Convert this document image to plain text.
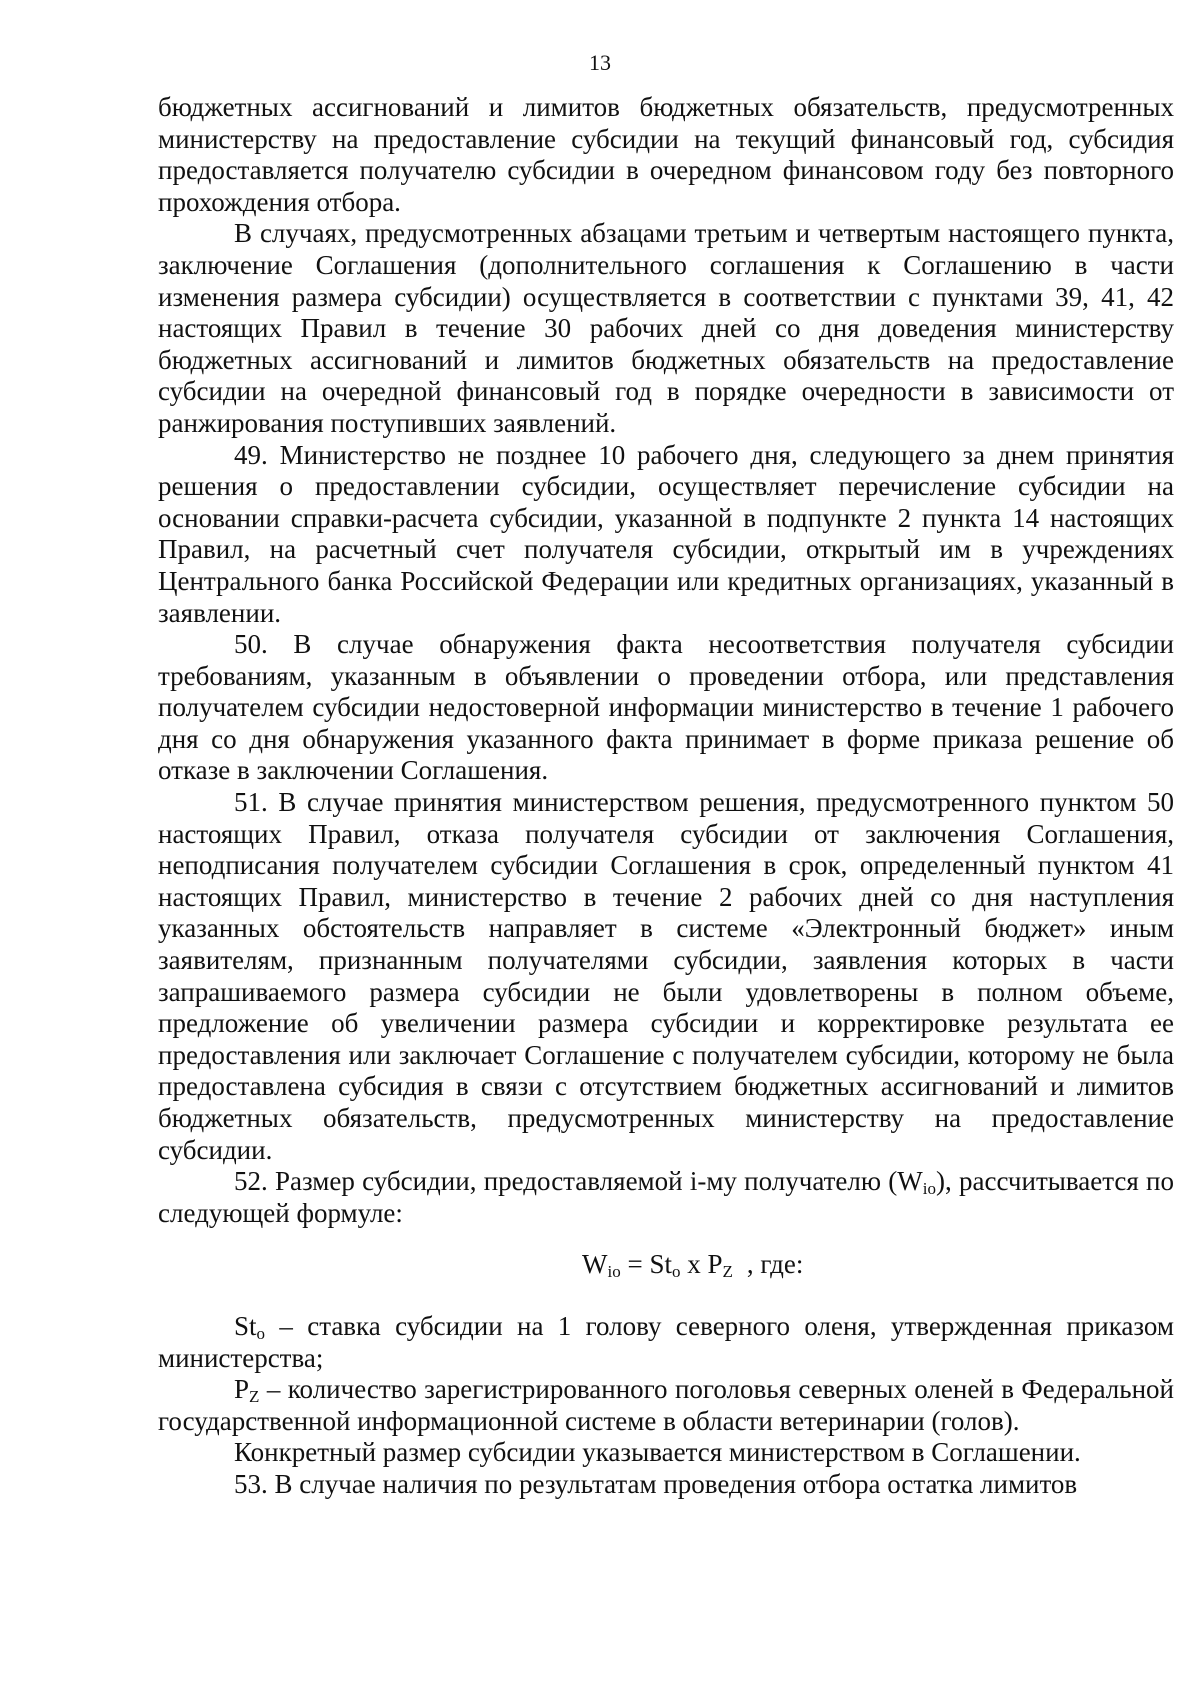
13

бюджетных ассигнований и лимитов бюджетных обязательств, предусмотренных министерству на предоставление субсидии на текущий финансовый год, субсидия предоставляется получателю субсидии в очередном финансовом году без повторного прохождения отбора.

В случаях, предусмотренных абзацами третьим и четвертым настоящего пункта, заключение Соглашения (дополнительного соглашения к Соглашению в части изменения размера субсидии) осуществляется в соответствии с пунктами 39, 41, 42 настоящих Правил в течение 30 рабочих дней со дня доведения министерству бюджетных ассигнований и лимитов бюджетных обязательств на предоставление субсидии на очередной финансовый год в порядке очередности в зависимости от ранжирования поступивших заявлений.

49. Министерство не позднее 10 рабочего дня, следующего за днем принятия решения о предоставлении субсидии, осуществляет перечисление субсидии на основании справки-расчета субсидии, указанной в подпункте 2 пункта 14 настоящих Правил, на расчетный счет получателя субсидии, открытый им в учреждениях Центрального банка Российской Федерации или кредитных организациях, указанный в заявлении.

50. В случае обнаружения факта несоответствия получателя субсидии требованиям, указанным в объявлении о проведении отбора, или представления получателем субсидии недостоверной информации министерство в течение 1 рабочего дня со дня обнаружения указанного факта принимает в форме приказа решение об отказе в заключении Соглашения.

51. В случае принятия министерством решения, предусмотренного пунктом 50 настоящих Правил, отказа получателя субсидии от заключения Соглашения, неподписания получателем субсидии Соглашения в срок, определенный пунктом 41 настоящих Правил, министерство в течение 2 рабочих дней со дня наступления указанных обстоятельств направляет в системе «Электронный бюджет» иным заявителям, признанным получателями субсидии, заявления которых в части запрашиваемого размера субсидии не были удовлетворены в полном объеме, предложение об увеличении размера субсидии и корректировке результата ее предоставления или заключает Соглашение с получателем субсидии, которому не была предоставлена субсидия в связи с отсутствием бюджетных ассигнований и лимитов бюджетных обязательств, предусмотренных министерству на предоставление субсидии.

52. Размер субсидии, предоставляемой i-му получателю $(W_{io})$, рассчитывается по следующей формуле:

$W_{io} = St_o$ x $P_Z$ , где:

$St_o$ – ставка субсидии на 1 голову северного оленя, утвержденная приказом министерства;

$P_Z$ – количество зарегистрированного поголовья северных оленей в Федеральной государственной информационной системе в области ветеринарии (голов).

Конкретный размер субсидии указывается министерством в Соглашении.

53. В случае наличия по результатам проведения отбора остатка лимитов
